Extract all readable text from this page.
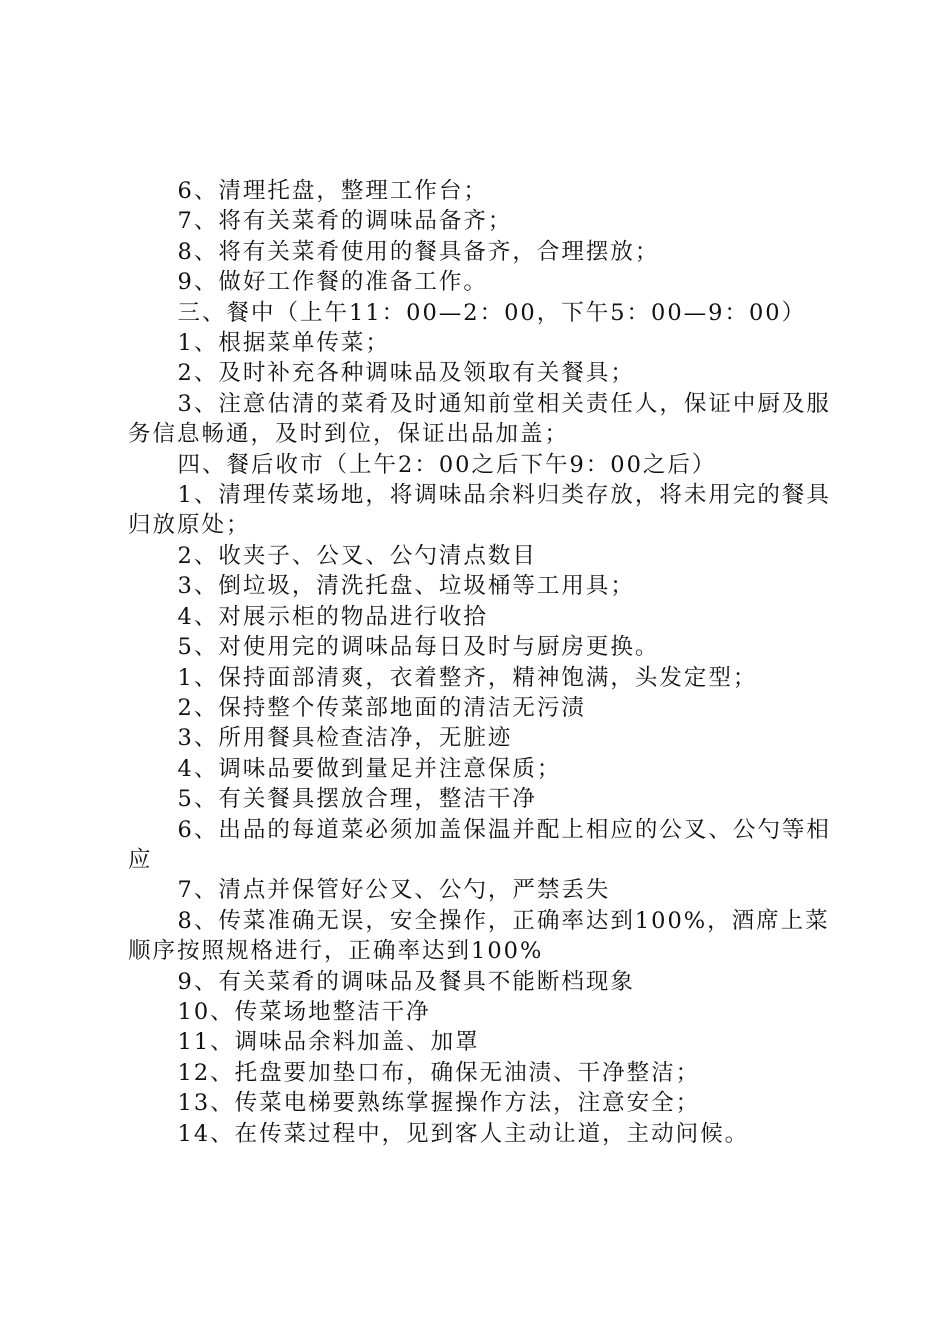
6、清理托盘，整理工作台；

7、将有关菜肴的调味品备齐；

8、将有关菜肴使用的餐具备齐，合理摆放；

9、做好工作餐的准备工作。

三、餐中（上午11：00—2：00，下午5：00—9：00）

1、根据菜单传菜；

2、及时补充各种调味品及领取有关餐具；

3、注意估清的菜肴及时通知前堂相关责任人，保证中厨及服务信息畅通，及时到位，保证出品加盖；

四、餐后收市（上午2：00之后下午9：00之后）

1、清理传菜场地，将调味品余料归类存放，将未用完的餐具归放原处；

2、收夹子、公叉、公勺清点数目

3、倒垃圾，清洗托盘、垃圾桶等工用具；

4、对展示柜的物品进行收拾

5、对使用完的调味品每日及时与厨房更换。

1、保持面部清爽，衣着整齐，精神饱满，头发定型；

2、保持整个传菜部地面的清洁无污渍

3、所用餐具检查洁净，无脏迹

4、调味品要做到量足并注意保质；

5、有关餐具摆放合理，整洁干净

6、出品的每道菜必须加盖保温并配上相应的公叉、公勺等相应

7、清点并保管好公叉、公勺，严禁丢失

8、传菜准确无误，安全操作，正确率达到100%，酒席上菜顺序按照规格进行，正确率达到100%

9、有关菜肴的调味品及餐具不能断档现象

10、传菜场地整洁干净

11、调味品余料加盖、加罩

12、托盘要加垫口布，确保无油渍、干净整洁；

13、传菜电梯要熟练掌握操作方法，注意安全；

14、在传菜过程中，见到客人主动让道，主动问候。
